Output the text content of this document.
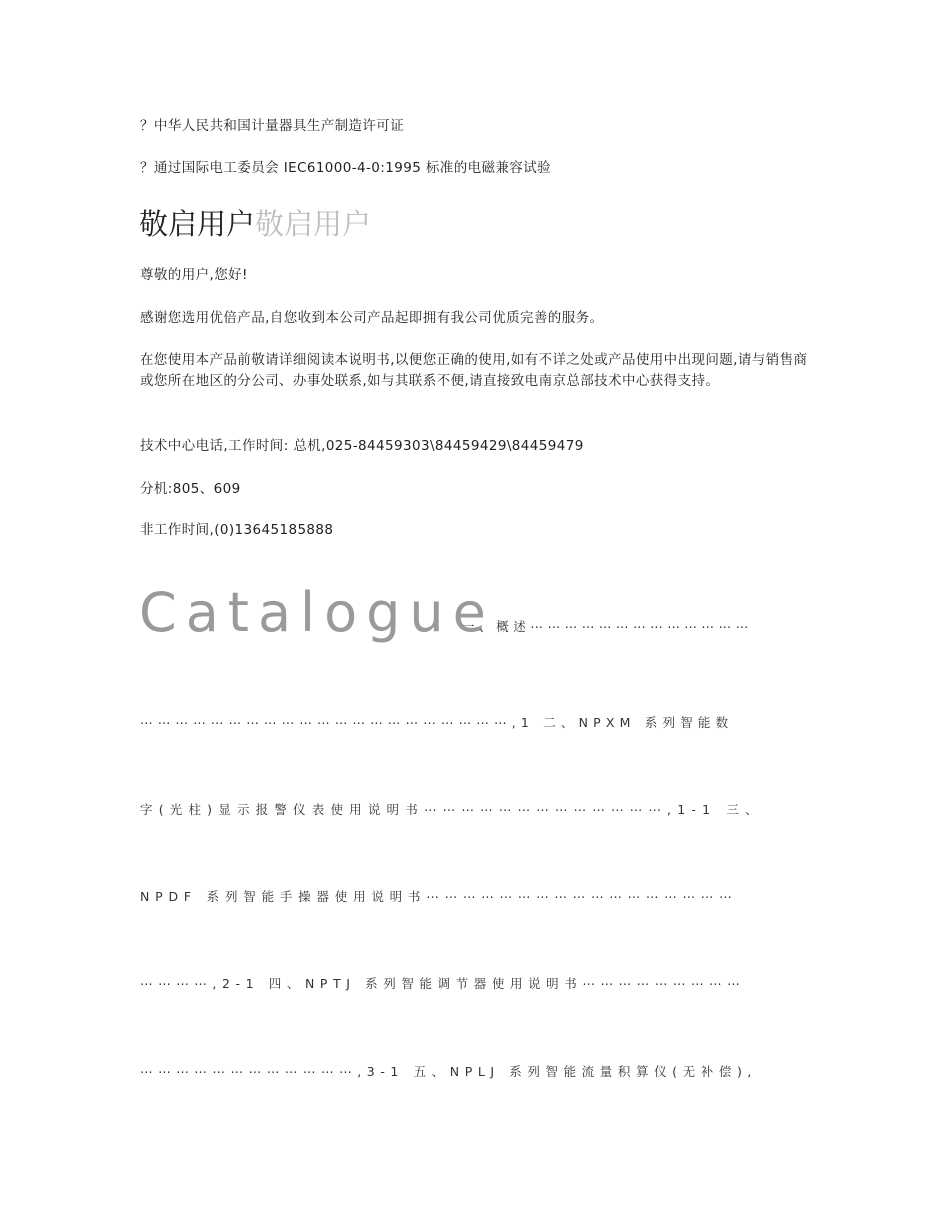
？中华人民共和国计量器具生产制造许可证

？通过国际电工委员会 IEC61000-4-0:1995 标准的电磁兼容试验

敬启用户敬启用户

尊敬的用户,您好!

感谢您选用优倍产品,自您收到本公司产品起即拥有我公司优质完善的服务。

在您使用本产品前敬请详细阅读本说明书,以便您正确的使用,如有不详之处或产品使用中出现问题,请与销售商或您所在地区的分公司、办事处联系,如与其联系不便,请直接致电南京总部技术中心获得支持。

技术中心电话,工作时间: 总机,025-84459303\84459429\84459479

分机:805、609

非工作时间,(0)13645185888

Catalogue

一、概述⋯⋯⋯⋯⋯⋯⋯⋯⋯⋯⋯⋯⋯

⋯⋯⋯⋯⋯⋯⋯⋯⋯⋯⋯⋯⋯⋯⋯⋯⋯⋯⋯⋯⋯,1 二、NPXM 系列智能数

字(光柱)显示报警仪表使用说明书⋯⋯⋯⋯⋯⋯⋯⋯⋯⋯⋯⋯⋯,1-1 三、

NPDF 系列智能手操器使用说明书⋯⋯⋯⋯⋯⋯⋯⋯⋯⋯⋯⋯⋯⋯⋯⋯⋯

⋯⋯⋯⋯,2-1 四、NPTJ 系列智能调节器使用说明书⋯⋯⋯⋯⋯⋯⋯⋯⋯

⋯⋯⋯⋯⋯⋯⋯⋯⋯⋯⋯⋯,3-1 五、NPLJ 系列智能流量积算仪(无补偿),
